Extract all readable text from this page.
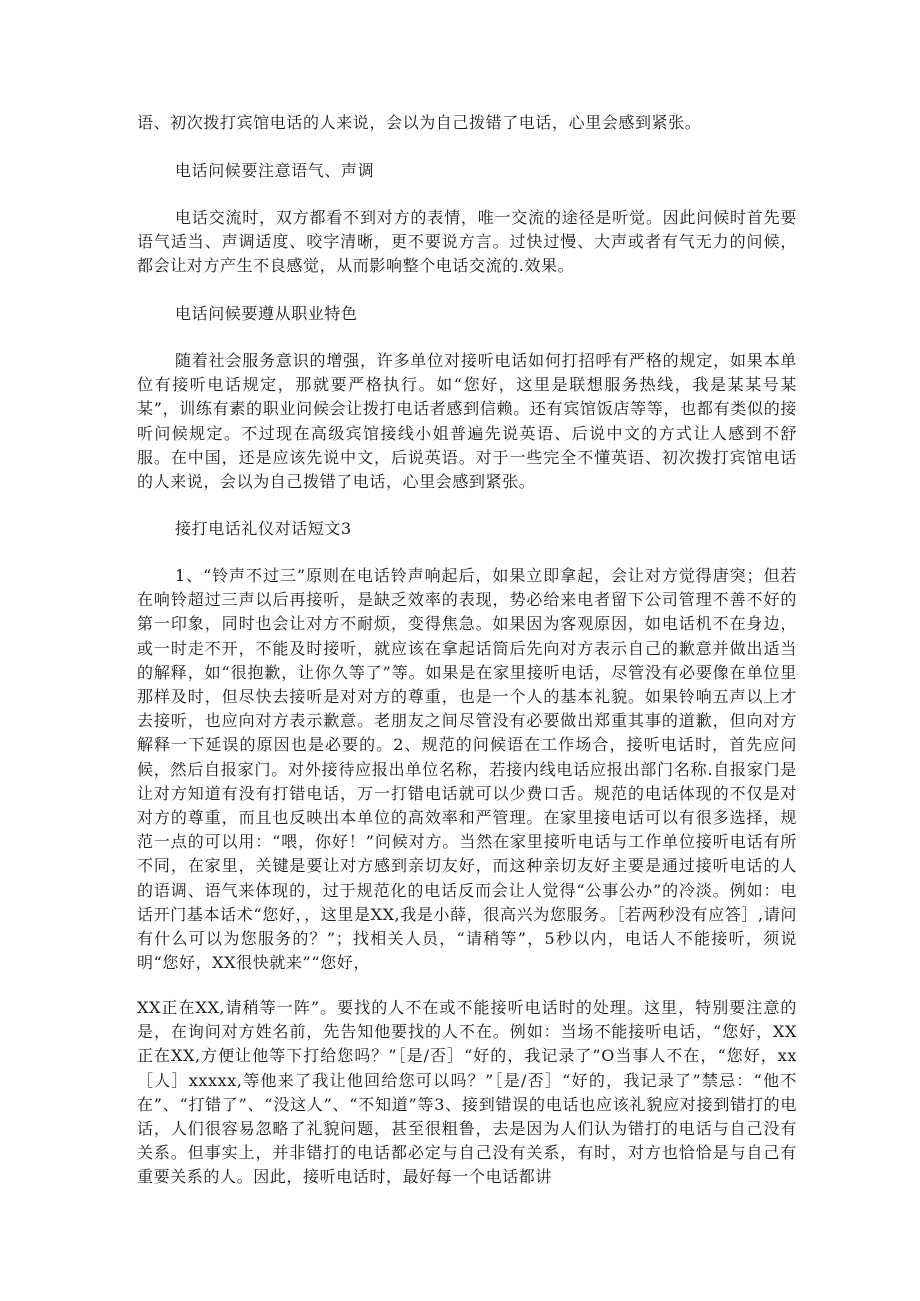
语、初次拨打宾馆电话的人来说，会以为自己拨错了电话，心里会感到紧张。

电话问候要注意语气、声调

电话交流时，双方都看不到对方的表情，唯一交流的途径是听觉。因此问候时首先要语气适当、声调适度、咬字清晰，更不要说方言。过快过慢、大声或者有气无力的问候，都会让对方产生不良感觉，从而影响整个电话交流的.效果。

电话问候要遵从职业特色

随着社会服务意识的增强，许多单位对接听电话如何打招呼有严格的规定，如果本单位有接听电话规定，那就要严格执行。如“您好，这里是联想服务热线，我是某某号某某”，训练有素的职业问候会让拨打电话者感到信赖。还有宾馆饭店等等，也都有类似的接听问候规定。不过现在高级宾馆接线小姐普遍先说英语、后说中文的方式让人感到不舒服。在中国，还是应该先说中文，后说英语。对于一些完全不懂英语、初次拨打宾馆电话的人来说，会以为自己拨错了电话，心里会感到紧张。

接打电话礼仪对话短文3

1、“铃声不过三”原则在电话铃声响起后，如果立即拿起，会让对方觉得唐突；但若在响铃超过三声以后再接听，是缺乏效率的表现，势必给来电者留下公司管理不善不好的第一印象，同时也会让对方不耐烦，变得焦急。如果因为客观原因，如电话机不在身边，或一时走不开，不能及时接听，就应该在拿起话筒后先向对方表示自己的歉意并做出适当的解释，如“很抱歉，让你久等了”等。如果是在家里接听电话，尽管没有必要像在单位里那样及时，但尽快去接听是对对方的尊重，也是一个人的基本礼貌。如果铃响五声以上才去接听，也应向对方表示歉意。老朋友之间尽管没有必要做出郑重其事的道歉，但向对方解释一下延误的原因也是必要的。2、规范的问候语在工作场合，接听电话时，首先应问候，然后自报家门。对外接待应报出单位名称，若接内线电话应报出部门名称.自报家门是让对方知道有没有打错电话，万一打错电话就可以少费口舌。规范的电话体现的不仅是对对方的尊重，而且也反映出本单位的高效率和严管理。在家里接电话可以有很多选择，规范一点的可以用：“喂，你好！”问候对方。当然在家里接听电话与工作单位接听电话有所不同，在家里，关键是要让对方感到亲切友好，而这种亲切友好主要是通过接听电话的人的语调、语气来体现的，过于规范化的电话反而会让人觉得“公事公办”的冷淡。例如：电话开门基本话术“您好，，这里是XX,我是小薛，很高兴为您服务。［若两秒没有应答］,请问有什么可以为您服务的？”；找相关人员，“请稍等”，5秒以内，电话人不能接听，须说明“您好，XX很快就来”“您好，

XX正在XX,请稍等一阵”。要找的人不在或不能接听电话时的处理。这里，特别要注意的是，在询问对方姓名前，先告知他要找的人不在。例如：当场不能接听电话，“您好，XX正在XX,方便让他等下打给您吗？”［是/否］“好的，我记录了”O当事人不在，“您好，xx［人］xxxxx,等他来了我让他回给您可以吗？”［是/否］“好的，我记录了”禁忌：“他不在”、“打错了”、“没这人”、“不知道”等3、接到错误的电话也应该礼貌应对接到错打的电话，人们很容易忽略了礼貌问题，甚至很粗鲁，去是因为人们认为错打的电话与自己没有关系。但事实上，并非错打的电话都必定与自己没有关系，有时，对方也恰恰是与自己有重要关系的人。因此，接听电话时，最好每一个电话都讲
